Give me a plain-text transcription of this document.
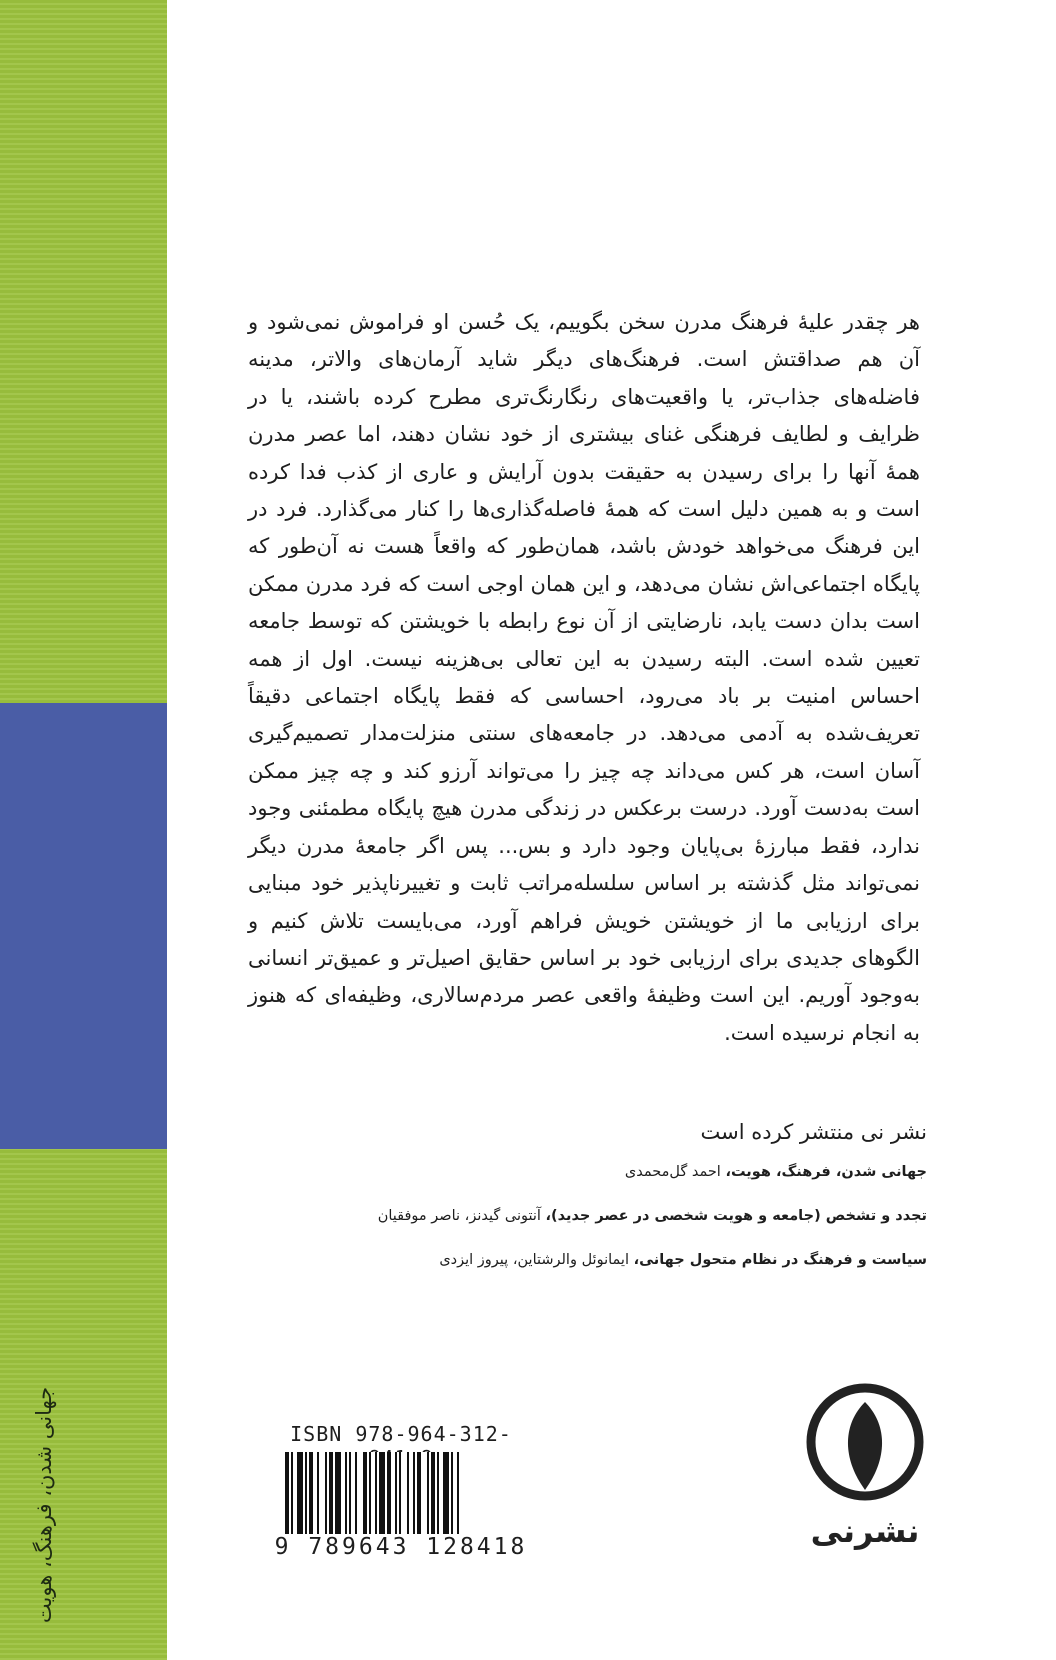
جهانی شدن، فرهنگ، هویت

هر چقدر علیهٔ فرهنگ مدرن سخن بگوییم، یک حُسن او فراموش نمی‌شود و آن هم صداقتش است. فرهنگ‌های دیگر شاید آرمان‌های والاتر، مدینه فاضله‌های جذاب‌تر، یا واقعیت‌های رنگارنگ‌تری مطرح کرده باشند، یا در ظرایف و لطایف فرهنگی غنای بیشتری از خود نشان دهند، اما عصر مدرن همهٔ آنها را برای رسیدن به حقیقت بدون آرایش و عاری از کذب فدا کرده است و به همین دلیل است که همهٔ فاصله‌گذاری‌ها را کنار می‌گذارد. فرد در این فرهنگ می‌خواهد خودش باشد، همان‌طور که واقعاً هست نه آن‌طور که پایگاه اجتماعی‌اش نشان می‌دهد، و این همان اوجی است که فرد مدرن ممکن است بدان دست یابد، نارضایتی از آن نوع رابطه با خویشتن که توسط جامعه تعیین شده است. البته رسیدن به این تعالی بی‌هزینه نیست. اول از همه احساس امنیت بر باد می‌رود، احساسی که فقط پایگاه اجتماعی دقیقاً تعریف‌شده به آدمی می‌دهد. در جامعه‌های سنتی منزلت‌مدار تصمیم‌گیری آسان است، هر کس می‌داند چه چیز را می‌تواند آرزو کند و چه چیز ممکن است به‌دست آورد. درست برعکس در زندگی مدرن هیچ پایگاه مطمئنی وجود ندارد، فقط مبارزهٔ بی‌پایان وجود دارد و بس... پس اگر جامعهٔ مدرن دیگر نمی‌تواند مثل گذشته بر اساس سلسله‌مراتب ثابت و تغییرناپذیر خود مبنایی برای ارزیابی ما از خویشتن خویش فراهم آورد، می‌بایست تلاش کنیم و الگوهای جدیدی برای ارزیابی خود بر اساس حقایق اصیل‌تر و عمیق‌تر انسانی به‌وجود آوریم. این است وظیفهٔ واقعی عصر مردم‌سالاری، وظیفه‌ای که هنوز به انجام نرسیده است.

نشر نی منتشر کرده است

جهانی شدن، فرهنگ، هویت، احمد گل‌محمدی

تجدد و تشخص (جامعه و هویت شخصی در عصر جدید)، آنتونی گیدنز، ناصر موفقیان

سیاست و فرهنگ در نظام متحول جهانی، ایمانوئل والرشتاین، پیروز ایزدی

ISBN 978-964-312-
9 789643 128418	نشرنی
